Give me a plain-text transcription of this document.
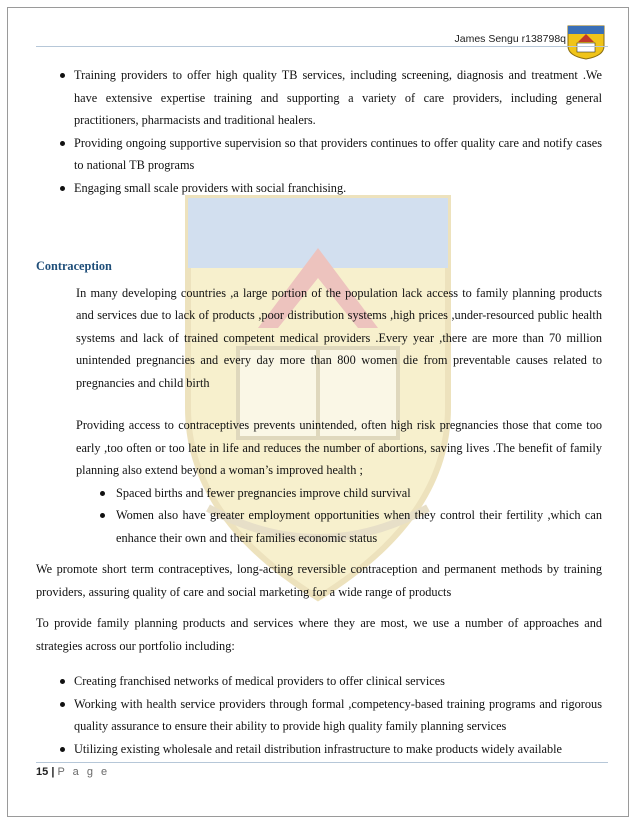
James Sengu r138798q
Training providers to offer high quality TB services, including screening, diagnosis and treatment .We have extensive expertise training and supporting a variety of care providers, including general practitioners, pharmacists and traditional healers.
Providing ongoing supportive supervision so that providers continues to offer quality care and notify cases to national TB programs
Engaging small scale providers with social franchising.
Contraception
In many developing countries ,a large portion of the population lack access to family planning products and services due to lack of products ,poor distribution systems ,high prices ,under-resourced public health systems and lack of trained competent medical providers .Every year ,there are more than 70 million unintended pregnancies and every day more than 800 women die from preventable causes related to pregnancies and child birth
Providing access to contraceptives prevents unintended, often high risk pregnancies those that come too early ,too often or too late in life and reduces the number of abortions, saving lives .The benefit of family planning also extend beyond a woman’s improved health ;
Spaced births and fewer pregnancies improve child survival
Women also have greater employment opportunities when they control their fertility ,which can enhance their own and their families economic status

We promote short term contraceptives, long-acting reversible contraception and permanent methods by training providers, assuring quality of care and social marketing for a wide range of products

To provide family planning products and services where they are most, we use a number of approaches and strategies across our portfolio including:

Creating franchised networks of medical providers to offer clinical services
Working with health service providers through formal ,competency-based training programs and rigorous quality assurance to ensure their ability to provide high quality family planning services
Utilizing existing wholesale and retail distribution infrastructure to make products widely available
15 | P a g e
